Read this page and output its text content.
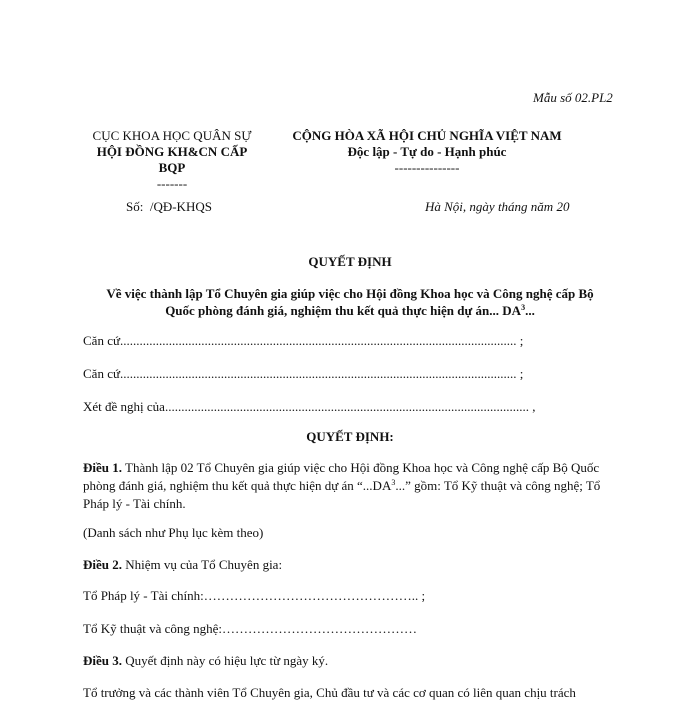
Mẫu số 02.PL2
CỤC KHOA HỌC QUÂN SỰ
HỘI ĐỒNG KH&CN CẤP
BQP
-------
CỘNG HÒA XÃ HỘI CHỦ NGHĨA VIỆT NAM
Độc lập - Tự do - Hạnh phúc
---------------
Số: /QĐ-KHQS	Hà Nội, ngày tháng năm 20
QUYẾT ĐỊNH
Về việc thành lập Tổ Chuyên gia giúp việc cho Hội đồng Khoa học và Công nghệ cấp Bộ
Quốc phòng đánh giá, nghiệm thu kết quả thực hiện dự án... $DA^3$...
Căn cứ.......................................................................................................................... ;
Căn cứ.......................................................................................................................... ;
Xét đề nghị của................................................................................................................ ,
QUYẾT ĐỊNH:
Điều 1. Thành lập 02 Tổ Chuyên gia giúp việc cho Hội đồng Khoa học và Công nghệ cấp Bộ Quốc phòng đánh giá, nghiệm thu kết quả thực hiện dự án “$...DA^3$...” gồm: Tổ Kỹ thuật và công nghệ; Tổ Pháp lý - Tài chính.
(Danh sách như Phụ lục kèm theo)
Điều 2. Nhiệm vụ của Tổ Chuyên gia:
Tổ Pháp lý - Tài chính:………………………………………….. ;
Tổ Kỹ thuật và công nghệ:………………………………………
Điều 3. Quyết định này có hiệu lực từ ngày ký.
Tổ trưởng và các thành viên Tổ Chuyên gia, Chủ đầu tư và các cơ quan có liên quan chịu trách
